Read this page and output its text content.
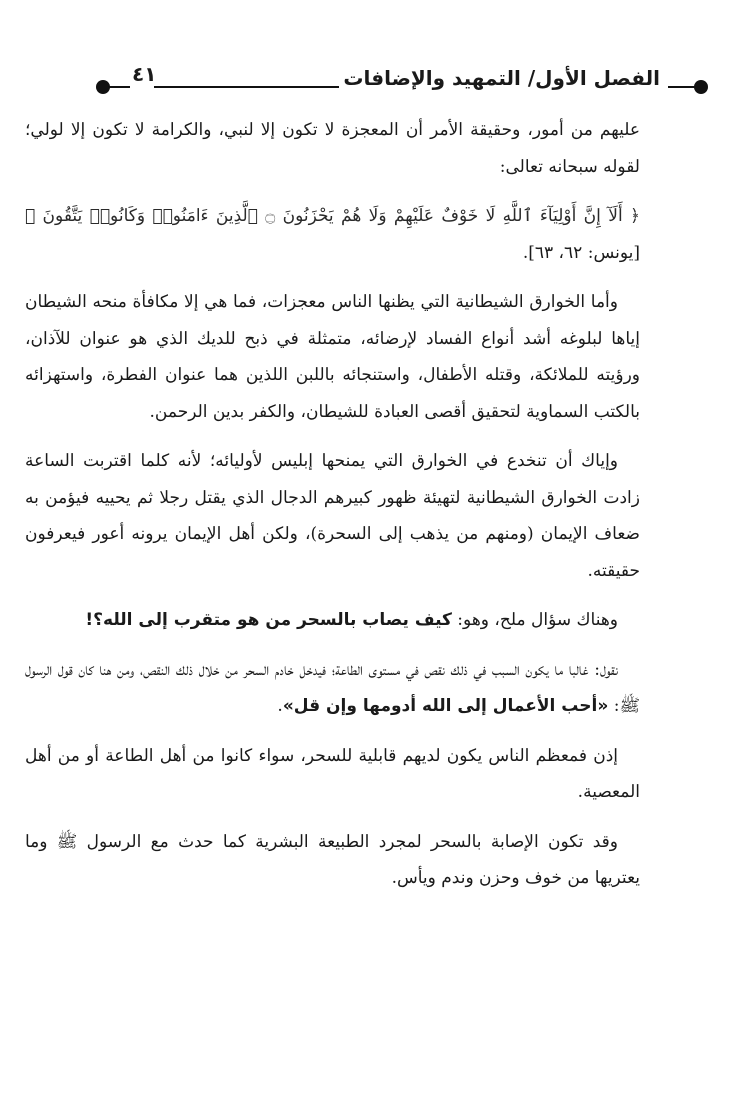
الفصل الأول/ التمهيد والإضافات
٤١

عليهم من أمور، وحقيقة الأمر أن المعجزة لا تكون إلا لنبي، والكرامة لا تكون إلا لولي؛ لقوله سبحانه تعالى:

﴿ أَلَآ إِنَّ أَوْلِيَآءَ ٱللَّهِ لَا خَوْفٌ عَلَيْهِمْ وَلَا هُمْ يَحْزَنُونَ ۝ ٱلَّذِينَ ءَامَنُوا۟ وَكَانُوا۟ يَتَّقُونَ ﴾ [يونس: ٦٢، ٦٣].

وأما الخوارق الشيطانية التي يظنها الناس معجزات، فما هي إلا مكافأة منحه الشيطان إياها لبلوغه أشد أنواع الفساد لإرضائه، متمثلة في ذبح للديك الذي هو عنوان للآذان، ورؤيته للملائكة، وقتله الأطفال، واستنجائه باللبن اللذين هما عنوان الفطرة، واستهزائه بالكتب السماوية لتحقيق أقصى العبادة للشيطان، والكفر بدين الرحمن.

وإياك أن تنخدع في الخوارق التي يمنحها إبليس لأوليائه؛ لأنه كلما اقتربت الساعة زادت الخوارق الشيطانية لتهيئة ظهور كبيرهم الدجال الذي يقتل رجلا ثم يحييه فيؤمن به ضعاف الإيمان (ومنهم من يذهب إلى السحرة)، ولكن أهل الإيمان يرونه أعور فيعرفون حقيقته.

وهناك سؤال ملح، وهو: كيف يصاب بالسحر من هو متقرب إلى الله؟!

نقول: غالبا ما يكون السبب في ذلك نقص في مستوى الطاعة؛ فيدخل خادم السحر من خلال ذلك النقص، ومن هنا كان قول الرسول ﷺ: «أحب الأعمال إلى الله أدومها وإن قل».

إذن فمعظم الناس يكون لديهم قابلية للسحر، سواء كانوا من أهل الطاعة أو من أهل المعصية.

وقد تكون الإصابة بالسحر لمجرد الطبيعة البشرية كما حدث مع الرسول ﷺ وما يعتريها من خوف وحزن وندم ويأس.
